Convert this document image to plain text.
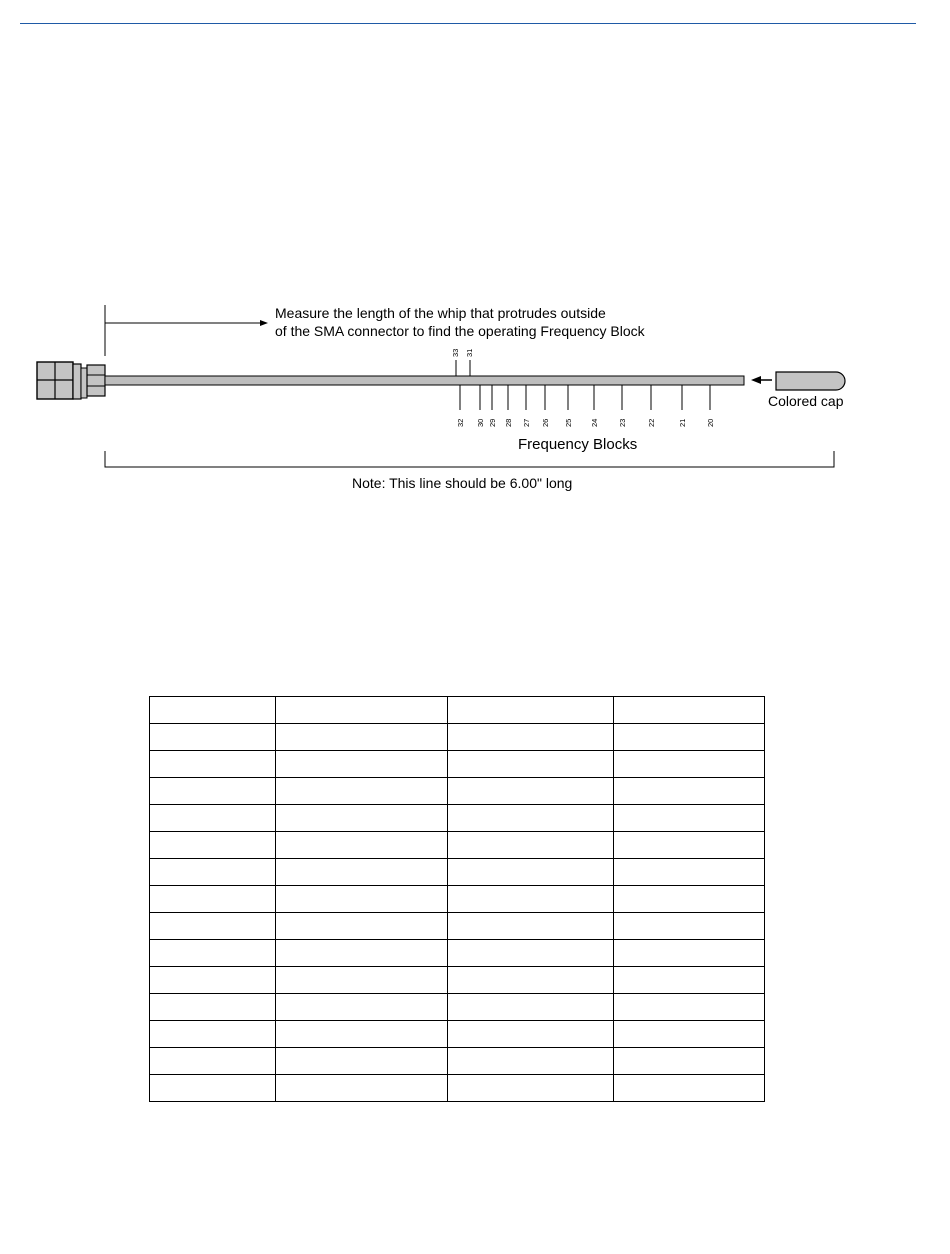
Measure the length of the whip that protrudes outside
of the SMA connector to find the operating Frequency Block
33 31
32 30 29 28 27 26 25 24	23	22	21	20
Colored cap
Frequency Blocks
Note: This line should be 6.00" long
